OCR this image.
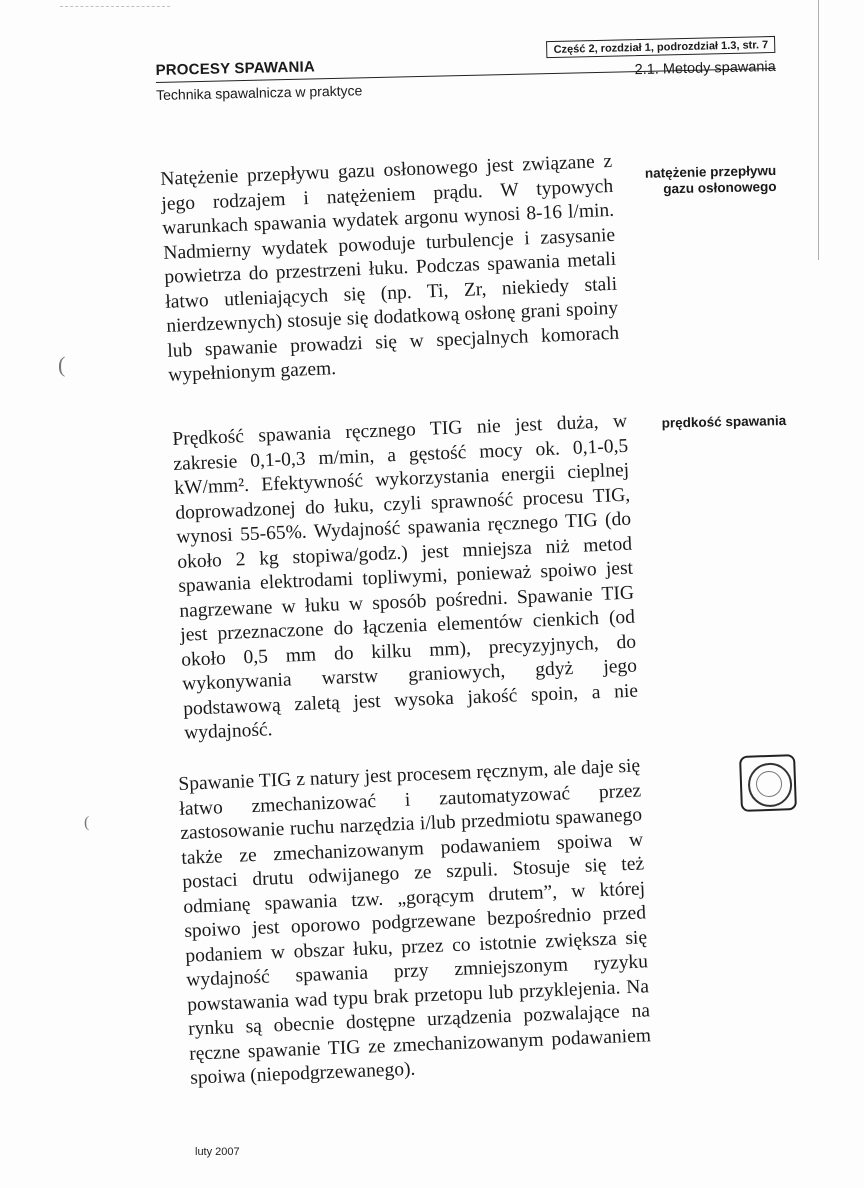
PROCESY SPAWANIA
Część 2, rozdział 1, podrozdział 1.3, str. 7
Technika spawalnicza w praktyce
2.1. Metody spawania
natężenie przepływu gazu osłonowego
prędkość spawania
Natężenie przepływu gazu osłonowego jest związane z jego rodzajem i natężeniem prądu. W typowych warunkach spawania wydatek argonu wynosi 8-16 l/min. Nadmierny wydatek powoduje turbulencje i zasysanie powietrza do przestrzeni łuku. Podczas spawania metali łatwo utleniających się (np. Ti, Zr, niekiedy stali nierdzewnych) stosuje się dodatkową osłonę grani spoiny lub spawanie prowadzi się w specjalnych komorach wypełnionym gazem.
Prędkość spawania ręcznego TIG nie jest duża, w zakresie 0,1-0,3 m/min, a gęstość mocy ok. 0,1-0,5 kW/mm². Efektywność wykorzystania energii cieplnej doprowadzonej do łuku, czyli sprawność procesu TIG, wynosi 55-65%. Wydajność spawania ręcznego TIG (do około 2 kg stopiwa/godz.) jest mniejsza niż metod spawania elektrodami topliwymi, ponieważ spoiwo jest nagrzewane w łuku w sposób pośredni. Spawanie TIG jest przeznaczone do łączenia elementów cienkich (od około 0,5 mm do kilku mm), precyzyjnych, do wykonywania warstw graniowych, gdyż jego podstawową zaletą jest wysoka jakość spoin, a nie wydajność.
Spawanie TIG z natury jest procesem ręcznym, ale daje się łatwo zmechanizować i zautomatyzować przez zastosowanie ruchu narzędzia i/lub przedmiotu spawanego także ze zmechanizowanym podawaniem spoiwa w postaci drutu odwijanego ze szpuli. Stosuje się też odmianę spawania tzw. „gorącym drutem”, w której spoiwo jest oporowo podgrzewane bezpośrednio przed podaniem w obszar łuku, przez co istotnie zwiększa się wydajność spawania przy zmniejszonym ryzyku powstawania wad typu brak przetopu lub przyklejenia. Na rynku są obecnie dostępne urządzenia pozwalające na ręczne spawanie TIG ze zmechanizowanym podawaniem spoiwa (niepodgrzewanego).
(
(
luty 2007
